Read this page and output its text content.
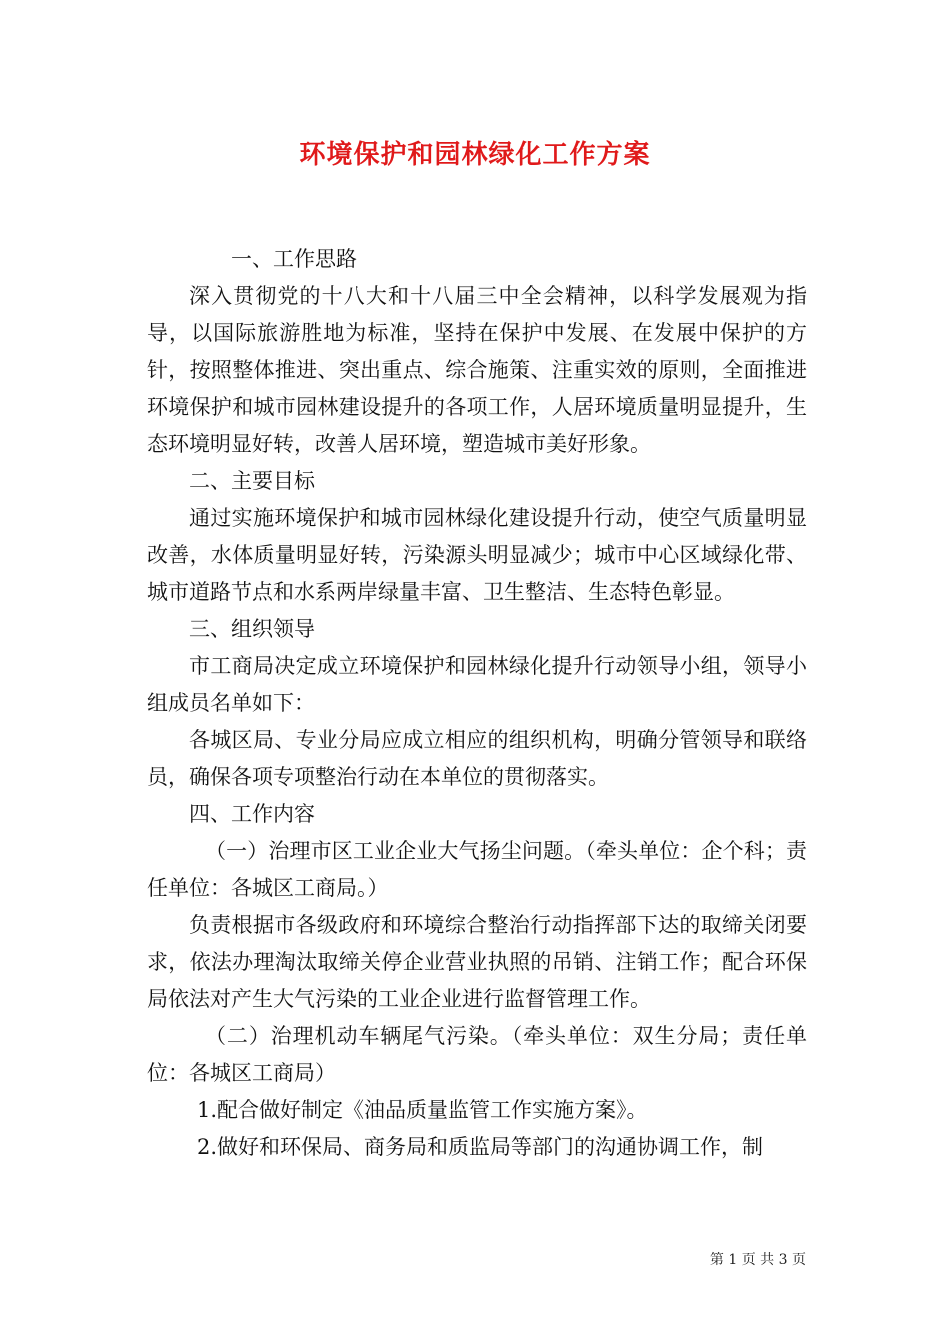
环境保护和园林绿化工作方案

一、工作思路

深入贯彻党的十八大和十八届三中全会精神，以科学发展观为指导，以国际旅游胜地为标准，坚持在保护中发展、在发展中保护的方针，按照整体推进、突出重点、综合施策、注重实效的原则，全面推进环境保护和城市园林建设提升的各项工作，人居环境质量明显提升，生态环境明显好转，改善人居环境，塑造城市美好形象。

二、主要目标

通过实施环境保护和城市园林绿化建设提升行动，使空气质量明显改善，水体质量明显好转，污染源头明显减少；城市中心区域绿化带、城市道路节点和水系两岸绿量丰富、卫生整洁、生态特色彰显。

三、组织领导

市工商局决定成立环境保护和园林绿化提升行动领导小组，领导小组成员名单如下：

各城区局、专业分局应成立相应的组织机构，明确分管领导和联络员，确保各项专项整治行动在本单位的贯彻落实。

四、工作内容

（一）治理市区工业企业大气扬尘问题。（牵头单位：企个科；责任单位：各城区工商局。）

负责根据市各级政府和环境综合整治行动指挥部下达的取缔关闭要求，依法办理淘汰取缔关停企业营业执照的吊销、注销工作；配合环保局依法对产生大气污染的工业企业进行监督管理工作。

（二）治理机动车辆尾气污染。（牵头单位：双生分局；责任单位：各城区工商局）

1.配合做好制定《油品质量监管工作实施方案》。

2.做好和环保局、商务局和质监局等部门的沟通协调工作，制

第 1 页 共 3 页
